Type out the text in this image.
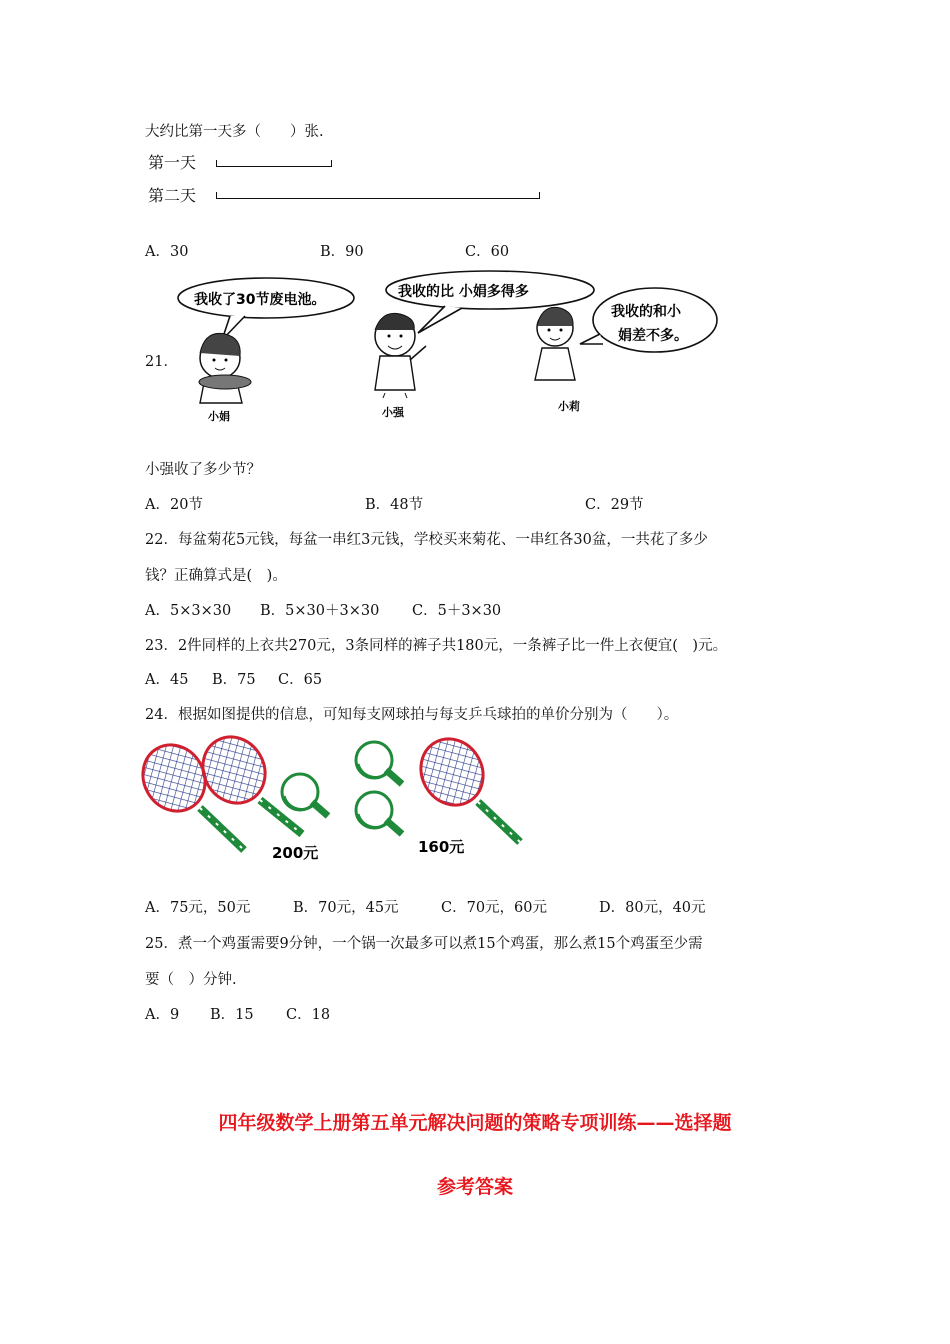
大约比第一天多（　　）张.
第一天
第二天
A．30	B．90	C．60
21．
我收了30节废电池。
小娟
我收的比 小娟多得多
小强
我收的和小
娟差不多。
小莉
小强收了多少节？
A．20节	B．48节	C．29节
22．每盆菊花5元钱，每盆一串红3元钱，学校买来菊花、一串红各30盆，一共花了多少
钱？正确算式是(　)。
A．5×3×30 B．5×30＋3×30 C．5＋3×30
23．2件同样的上衣共270元，3条同样的裤子共180元，一条裤子比一件上衣便宜(　)元。
A．45 B．75 C．65
24．根据如图提供的信息，可知每支网球拍与每支乒乓球拍的单价分别为（　　）。
200元	160元
A．75元，50元	B．70元，45元	C．70元，60元	D．80元，40元
25．煮一个鸡蛋需要9分钟，一个锅一次最多可以煮15个鸡蛋，那么煮15个鸡蛋至少需
要（　）分钟.
A．9 B．15 C．18
四年级数学上册第五单元解决问题的策略专项训练——选择题
参考答案
